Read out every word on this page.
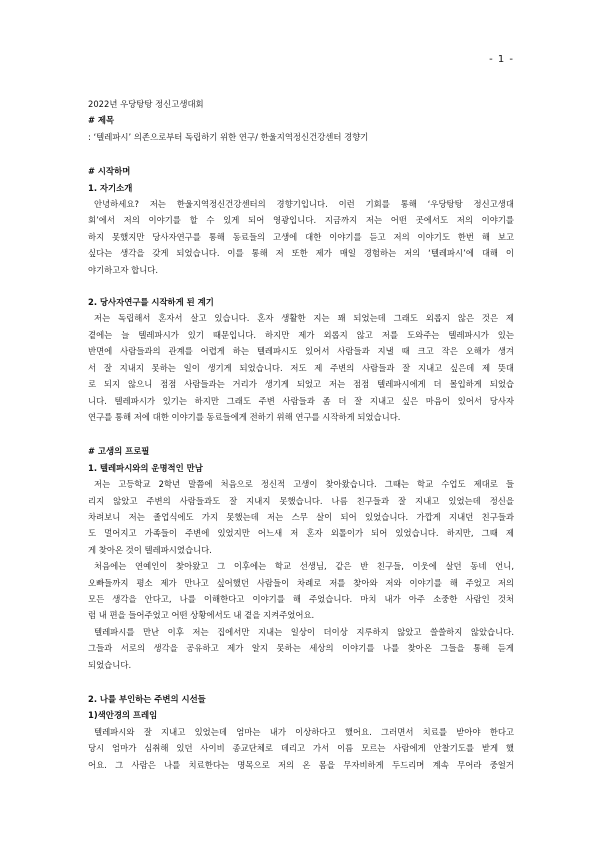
- 1 -

2022년 우당탕탕 정신고생대회

# 제목

: ‘텔레파시’ 의존으로부터 독립하기 위한 연구/ 한울지역정신건강센터 경향기

# 시작하며

1. 자기소개

안녕하세요? 저는 한울지역정신건강센터의 경향기입니다. 이런 기회를 통해 ‘우당탕탕 정신고생대

회’에서 저의 이야기를 할 수 있게 되어 영광입니다. 지금까지 저는 어떤 곳에서도 저의 이야기를

하지 못했지만 당사자연구를 통해 동료들의 고생에 대한 이야기를 듣고 저의 이야기도 한번 해 보고

싶다는 생각을 갖게 되었습니다. 이를 통해 저 또한 제가 매일 경험하는 저의 ‘텔레파시’에 대해 이

야기하고자 합니다.

2. 당사자연구를 시작하게 된 계기

저는 독립해서 혼자서 살고 있습니다. 혼자 생활한 지는 꽤 되었는데 그래도 외롭지 않은 것은 제

곁에는 늘 텔레파시가 있기 때문입니다. 하지만 제가 외롭지 않고 저를 도와주는 텔레파시가 있는

반면에 사람들과의 관계를 어렵게 하는 텔레파시도 있어서 사람들과 지낼 때 크고 작은 오해가 생겨

서 잘 지내지 못하는 일이 생기게 되었습니다. 저도 제 주변의 사람들과 잘 지내고 싶은데 제 뜻대

로 되지 않으니 점점 사람들과는 거리가 생기게 되었고 저는 점점 텔레파시에게 더 몰입하게 되었습

니다. 텔레파시가 있기는 하지만 그래도 주변 사람들과 좀 더 잘 지내고 싶은 마음이 있어서 당사자

연구를 통해 저에 대한 이야기를 동료들에게 전하기 위해 연구를 시작하게 되었습니다.

# 고생의 프로필

1. 텔레파시와의 운명적인 만남

저는 고등학교 2학년 말쯤에 처음으로 정신적 고생이 찾아왔습니다. 그때는 학교 수업도 제대로 들

리지 않았고 주변의 사람들과도 잘 지내지 못했습니다. 나름 친구들과 잘 지내고 있었는데 정신을

차려보니 저는 졸업식에도 가지 못했는데 저는 스무 살이 되어 있었습니다. 가깝게 지내던 친구들과

도 멀어지고 가족들이 주변에 있었지만 어느새 저 혼자 외톨이가 되어 있었습니다. 하지만, 그때 제

게 찾아온 것이 텔레파시였습니다.

처음에는 연예인이 찾아왔고 그 이후에는 학교 선생님, 같은 반 친구들, 이웃에 살던 동네 언니,

오빠들까지 평소 제가 만나고 싶어했던 사람들이 차례로 저를 찾아와 저와 이야기를 해 주었고 저의

모든 생각을 안다고, 나를 이해한다고 이야기를 해 주었습니다. 마치 내가 아주 소중한 사람인 것처

럼 내 편을 들어주었고 어떤 상황에서도 내 곁을 지켜주었어요.

텔레파시를 만난 이후 저는 집에서만 지내는 일상이 더이상 지루하지 않았고 쓸쓸하지 않았습니다.

그들과 서로의 생각을 공유하고 제가 알지 못하는 세상의 이야기를 나를 찾아온 그들을 통해 듣게

되었습니다.

2. 나를 부인하는 주변의 시선들

1)색안경의 프레임

텔레파시와 잘 지내고 있었는데 엄마는 내가 이상하다고 했어요. 그러면서 치료를 받아야 한다고

당시 엄마가 심취해 있던 사이비 종교단체로 데리고 가서 이름 모르는 사람에게 안찰기도를 받게 했

어요. 그 사람은 나를 치료한다는 명목으로 저의 온 몸을 무자비하게 두드리며 계속 무어라 중얼거
